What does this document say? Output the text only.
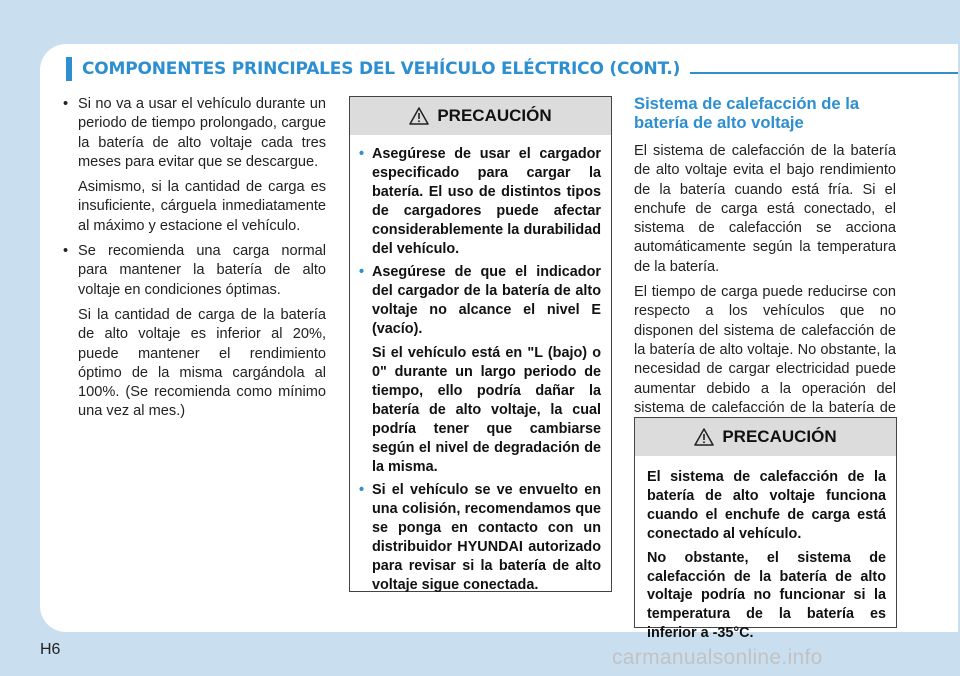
COMPONENTES PRINCIPALES DEL VEHÍCULO ELÉCTRICO (CONT.)

• Si no va a usar el vehículo durante un periodo de tiempo prolongado, cargue la batería de alto voltaje cada tres meses para evitar que se descargue.

Asimismo, si la cantidad de carga es insuficiente, cárguela inmediatamente al máximo y estacione el vehículo.

• Se recomienda una carga normal para mantener la batería de alto voltaje en condiciones óptimas.

Si la cantidad de carga de la batería de alto voltaje es inferior al 20%, puede mantener el rendimiento óptimo de la misma cargándola al 100%. (Se recomienda como mínimo una vez al mes.)

PRECAUCIÓN

• Asegúrese de usar el cargador especificado para cargar la batería. El uso de distintos tipos de cargadores puede afectar considerablemente la durabilidad del vehículo.

• Asegúrese de que el indicador del cargador de la batería de alto voltaje no alcance el nivel E (vacío).

Si el vehículo está en "L (bajo) o 0" durante un largo periodo de tiempo, ello podría dañar la batería de alto voltaje, la cual podría tener que cambiarse según el nivel de degradación de la misma.

• Si el vehículo se ve envuelto en una colisión, recomendamos que se ponga en contacto con un distribuidor HYUNDAI autorizado para revisar si la batería de alto voltaje sigue conectada.

Sistema de calefacción de la batería de alto voltaje

El sistema de calefacción de la batería de alto voltaje evita el bajo rendimiento de la batería cuando está fría. Si el enchufe de carga está conectado, el sistema de calefacción se acciona automáticamente según la temperatura de la batería.

El tiempo de carga puede reducirse con respecto a los vehículos que no disponen del sistema de calefacción de la batería de alto voltaje. No obstante, la necesidad de cargar electricidad puede aumentar debido a la operación del sistema de calefacción de la batería de

PRECAUCIÓN

El sistema de calefacción de la batería de alto voltaje funciona cuando el enchufe de carga está conectado al vehículo.

No obstante, el sistema de calefacción de la batería de alto voltaje podría no funcionar si la temperatura de la batería es inferior a -35°C.

H6	carmanualsonline.info
